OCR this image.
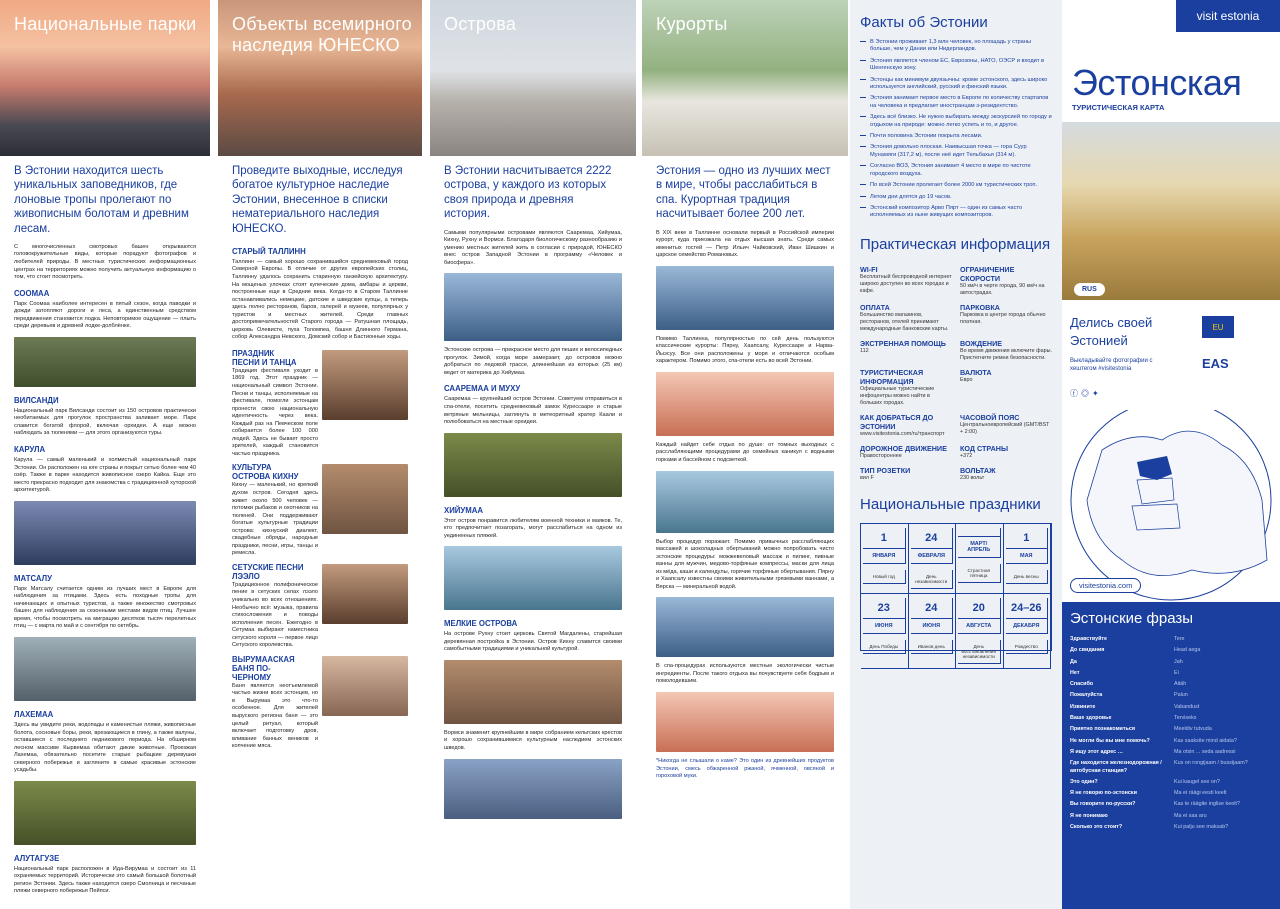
Национальные парки

В Эстонии находится шесть уникальных заповедников, где лоновые тропы пролегают по живописным болотам и древним лесам.

С многочисленных смотровых башен открываются головокружительные виды, которые порадуют фотографов и любителей природы. В местных туристических информационных центрах на территориях можно получить актуальную информацию о том, что стоит посмотреть.

СООМАА

Парк Соомаа наиболее интересен в пятый сезон, когда паводки и дожди затопляют дороги и леса, а единственным средством передвижения становится лодка. Неповторимое ощущение — плыть среди деревьев и древней лодке-долблёнке.

ВИЛСАНДИ

Национальный парк Вилсанди состоит из 150 островов практически необитаемых для прогулок пространства заливает море. Парк славится богатой флорой, включая орхидеи. А еще можно наблюдать за тюленями — для этого организуются туры.

КАРУЛА

Карула — самый маленький и холмистый национальный парк Эстонии. Он расположен на юге страны и покрыт сетью более чем 40 озёр. Также в парке находится живописное озеро Кайка. Еще это место прекрасно подходит для знакомства с традиционной хуторской архитектурой.

МАТСАЛУ

Парк Матсалу считается одним из лучших мест в Европе для наблюдения за птицами. Здесь есть походные тропы для начинающих и опытных туристов, а также множество смотровых башен для наблюдения за сезонными местами видов птиц. Лучшее время, чтобы посмотреть на миграцию десятков тысяч перелетных птиц — с марта по май и с сентября по октябрь.

ЛАХЕМАА

Здесь вы увидите реки, водопады и каменистые пляжи, живописные болота, сосновые боры, реки, врезающиеся в глину, а также валуны, оставшиеся с последнего ледникового периода. На обширном лесном массиве Кырвемаа обитают дикие животные. Проезжая Лахемаа, обязательно посетите старые рыбацкие деревушки северного побережья и загляните в самые красивые эстонские усадьбы.

АЛУТАГУЗЕ

Национальный парк расположен в Ида-Вирумаа и состоит из 11 охраняемых территорий. Исторически это самый большой болотный регион Эстонии. Здесь также находится озеро Смолница и песчаные пляжи северного побережья Пейпси.

Объекты всемирного наследия ЮНЕСКО

Проведите выходные, исследуя богатое культурное наследие Эстонии, внесенное в списки нематериального наследия ЮНЕСКО.

СТАРЫЙ ТАЛЛИНН

Таллинн — самый хорошо сохранившийся средневековый город Северной Европы. В отличие от других европейских столиц, Таллинну удалось сохранить старинную ганзейскую архитектуру. На мощеных улочках стоят купеческие дома, амбары и церкви, построенные еще в Средние века. Когда-то в Старом Таллинне останавливались немецкие, датские и шведские купцы, а теперь здесь полно ресторанов, баров, галерей и музеев, популярных у туристов и местных жителей. Среди главных достопримечательностей Старого города — Ратушная площадь, церковь Олевисте, пуха Толомпеа, башня Длинного Германа, собор Александра Невского, Домский собор и Бастионные ходы.

ПРАЗДНИК ПЕСНИ И ТАНЦА

Традиция фестиваля уходит в 1869 год. Этот праздник — национальный символ Эстонии. Песни и танцы, исполняемые на фестивале, помогли эстонцам пронести свою национальную идентичность через века. Каждый раз на Певческом поле собирается более 100 000 людей. Здесь не бывает просто зрителей, каждый становится частью праздника.

КУЛЬТУРА ОСТРОВА КИХНУ

Кихну — маленький, но крепкий духом остров. Сегодня здесь живет около 500 человек — потомки рыбаков и охотников на тюленей. Они поддерживают богатые культурные традиции острова: кихнуский диалект, свадебные обряды, народные праздники, песни, игры, танцы и ремесла.

СЕТУСКИЕ ПЕСНИ ЛЭЭЛО

Традиционное полифоническое пение в сетуских селах лээло уникально во всех отношениях. Необычно всё: музыка, правила стихосложения и поводы исполнения песен. Ежегодно в Сетумаа выбирают наместника сетуского короля — первое лицо Сетуского королевства.

ВЫРУMAAСКАЯ БАНЯ ПО-ЧЕРНОМУ

Баня является неотъемлемой частью жизни всех эстонцев, но в Вырумаа это что-то особенное. Для жителей выруского региона баня — это целый ритуал, который включает подготовку дров, вливание банных веников и копчение мяса.

Острова

В Эстонии насчитывается 2222 острова, у каждого из которых своя природа и древняя история.

Самыми популярными островами являются Сааремаа, Хийумаа, Кихну, Рухну и Вормси. Благодаря биологическому разнообразию и умению местных жителей жить в согласии с природой, ЮНЕСКО внес остров Западной Эстонии в программу «Человек и биосфера».

Эстонские острова — прекрасное место для пеших и велосипедных прогулок. Зимой, когда море замерзает, до островов можно добраться по ледовой трассе, длиннейшая из которых (25 км) ведет от материка до Хийумаа.

СААРЕМАА И МУХУ

Сааремаа — крупнейший остров Эстонии. Советуем отправиться в спа-отели, посетить средневековый замок Курессааре и старые ветряные мельницы, заглянуть в метеоритный кратер Каали и полюбоваться на местные орхидеи.

ХИЙУМАА

Этот остров понравится любителям военной техники и маяков. Те, кто предпочитает позагорать, могут расслабиться на одном из уединенных пляжей.

МЕЛКИЕ ОСТРОВА

На острове Рухну стоит церковь Святой Магдалены, старейшая деревянная постройка в Эстонии. Остров Кихну славится своими самобытными традициями и уникальной культурой.

Вормси знаменит крупнейшим в мире собранием кельтских крестов и хорошо сохранившимися культурным наследием эстонских шведов.

Курорты

Эстония — одно из лучших мест в мире, чтобы расслабиться в спа. Курортная традиция насчитывает более 200 лет.

В XIX веке в Таллинне основали первый в Российской империи курорт, куда приезжала на отдых высшая знать. Среди самых именитых гостей — Петр Ильич Чайковский, Иван Шишкин и царское семейство Романовых.

Помимо Таллинна, популярностью по сей день пользуются классические курорты: Пярну, Хаапсалу, Курессааре и Нарва-Йыэсуу. Все они расположены у моря и отличаются особым характером. Помимо этого, спа-отели есть во всей Эстонии.

Каждый найдет себе отдых по душе: от томных выходных с расслабляющими процедурами до семейных каникул с водными горками и бассейном с подсветкой.

Выбор процедур поражает. Помимо привычных расслабляющих массажей и шоколадных обертываний можно попробовать чисто эстонские процедуры: можжевеловый массаж и пилинг, пивные ванны для мужчин, медово-торфяные компрессы, маски для лица из мёда, каши и календулы, горячие торфяные обертывания. Пярну и Хаапсалу известны своими живительными грязевыми ваннами, а Вярска — минеральной водой.

В спа-процедурах используются местные экологически чистые ингредиенты. После такого отдыха вы почувствуете себя бодрым и помолодевшим.

*Никогда не слышали о каме? Это один из древнейших продуктов Эстонии, смесь обжаренной ржаной, ячменной, овсяной и гороховой муки.

Факты об Эстонии
В Эстонии проживает 1,3 млн человек, но площадь у страны больше, чем у Дании или Нидерландов.
Эстония является членом ЕС, Еврозоны, НАТО, ОЭСР и входит в Шенгенскую зону.
Эстонцы как минимум двуязычны: кроме эстонского, здесь широко используется английский, русский и финский языки.
Эстония занимает первое место в Европе по количеству стартапов на человека и предлагает иностранцам э-резидентство.
Здесь всё близко. Не нужно выбирать между экскурсией по городу и отдыхом на природе: можно легко успеть и то, и другое.
Почти половина Эстонии покрыта лесами.
Эстония довольно плоская. Наивысшая точка — гора Суур Мунамяги (317,2 м), после неё идет Тельбахья (314 м).
Согласно ВОЗ, Эстония занимает 4 место в мире по чистоте городского воздуха.
По всей Эстонии пролегает более 2000 км туристических троп.
Летом дни длятся до 19 часов.
Эстонский композитор Арво Пярт — один из самых часто исполняемых из ныне живущих композиторов.
Практическая информация
WI-FI
Бесплатный беспроводной интернет широко доступен во всех городах и кафе.
ОГРАНИЧЕНИЕ СКОРОСТИ
50 км/ч в черте города, 90 км/ч на автострадах.
ОПЛАТА
Большинство магазинов, ресторанов, отелей принимают международные банковские карты.
ПАРКОВКА
Парковка в центре города обычно платная.
ЭКСТРЕННАЯ ПОМОЩЬ
112
ВОЖДЕНИЕ
Во время движения включите фары. Пристегните ремни безопасности.
ТУРИСТИЧЕСКАЯ ИНФОРМАЦИЯ
Официальные туристические инфоцентры можно найти в больших городах.
ВАЛЮТА
Евро
КАК ДОБРАТЬСЯ ДО ЭСТОНИИ
www.visitestonia.com/ru/транспорт
ЧАСОВОЙ ПОЯС
Центральноевропейский (GMT/BST + 2:00)
ДОРОЖНОЕ ДВИЖЕНИЕ
Правостороннее
КОД СТРАНЫ
+372
ТИП РОЗЕТКИ
вил F
ВОЛЬТАЖ
230 вольт
Национальные праздники
1
ЯНВАРЯ
Новый год
24
ФЕВРАЛЯ
День независимости
МАРТ/АПРЕЛЬ
Страстная пятница
1
МАЯ
День весны
23
ИЮНЯ
День Победы
24
ИЮНЯ
Иванов день
20
АВГУСТА
День восстановления независимости
24–26
ДЕКАБРЯ
Рождество
visit estonia
Эстонская
ТУРИСТИЧЕСКАЯ КАРТА
RUS
Делись своей Эстонией
Выкладывайте фотографии с хештегом #visitestonia
ⓕ◎✦
EU
EAS
visitestonia.com
Эстонские фразы
Здравствуйте	Tere
До свидания	Head aega
Да	Jah
Нет	Ei
Спасибо	Aitäh
Пожалуйста	Palun
Извините	Vabandust
Ваше здоровье	Terviseks
Приятно познакомиться	Meeldiv tutvuda
Не могли бы вы мне помочь?	Kas saaksite mind aidata?
Я ищу этот адрес …	Ma otsin ... seda aadressi
Где находится железнодорожная / автобусная станция?
Kus on rongijaam / bussijaam?
Это один?	Kui kaugel see on?
Я не говорю по-эстонски	Ma ei räägi eesti keelt
Вы говорите по-русски?	Kas te räägite inglise keelt?
Я не понимаю	Ma ei saa aru
Сколько это стоит?	Kui palju see maksab?
